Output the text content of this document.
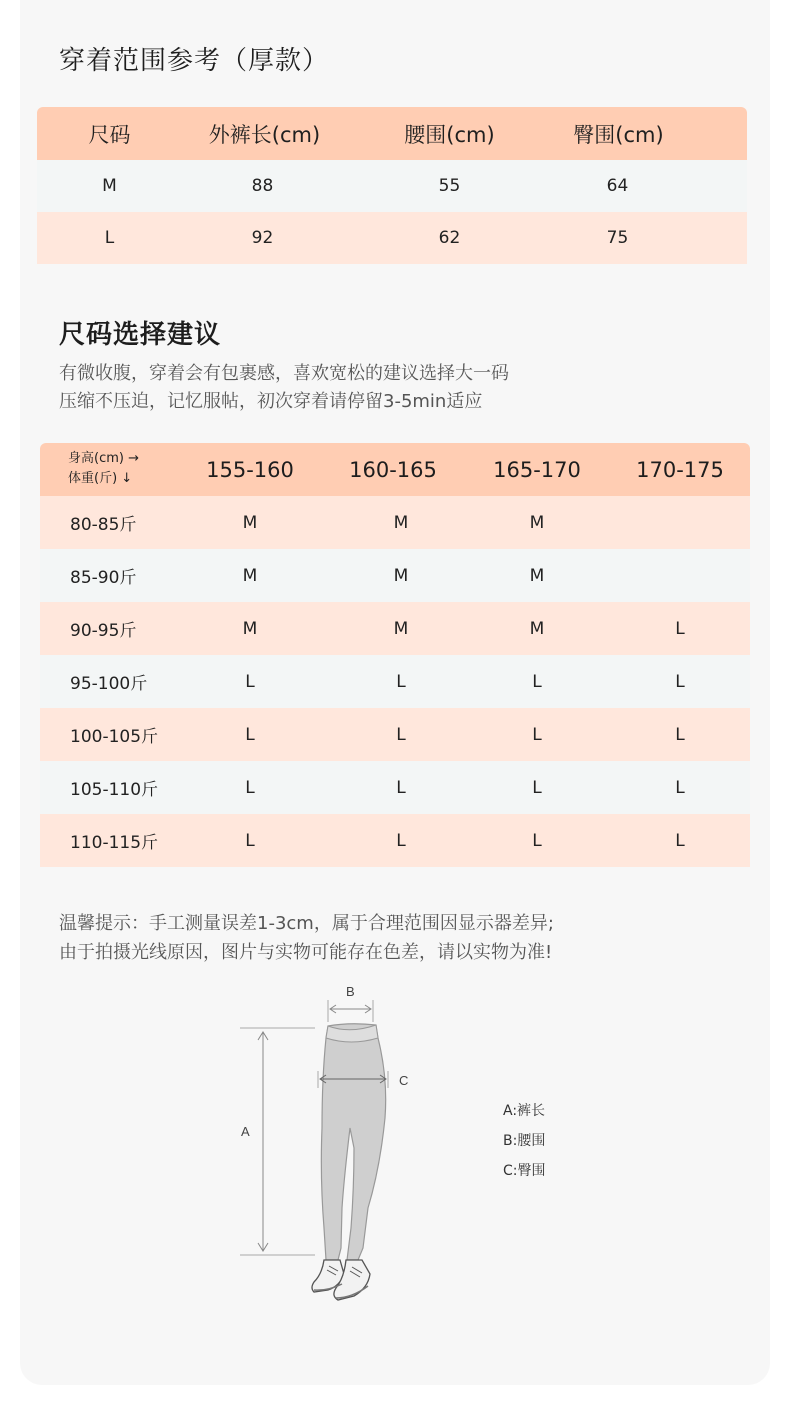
穿着范围参考（厚款）
尺码	外裤长(cm)	腰围(cm)	臀围(cm)
M	88	55	64
L	92	62	75
尺码选择建议
有微收腹，穿着会有包裹感，喜欢宽松的建议选择大一码
压缩不压迫，记忆服帖，初次穿着请停留3-5min适应
身高(cm) →
体重(斤) ↓	155-160	160-165	165-170	170-175
80-85斤	M	M	M
85-90斤	M	M	M
90-95斤	M	M	M	L
95-100斤	L	L	L	L
100-105斤	L	L	L	L
105-110斤	L	L	L	L
110-115斤	L	L	L	L
温馨提示：手工测量误差1-3cm，属于合理范围因显示器差异;
由于拍摄光线原因，图片与实物可能存在色差，请以实物为准!
A
B
C
A:裤长
B:腰围
C:臀围
